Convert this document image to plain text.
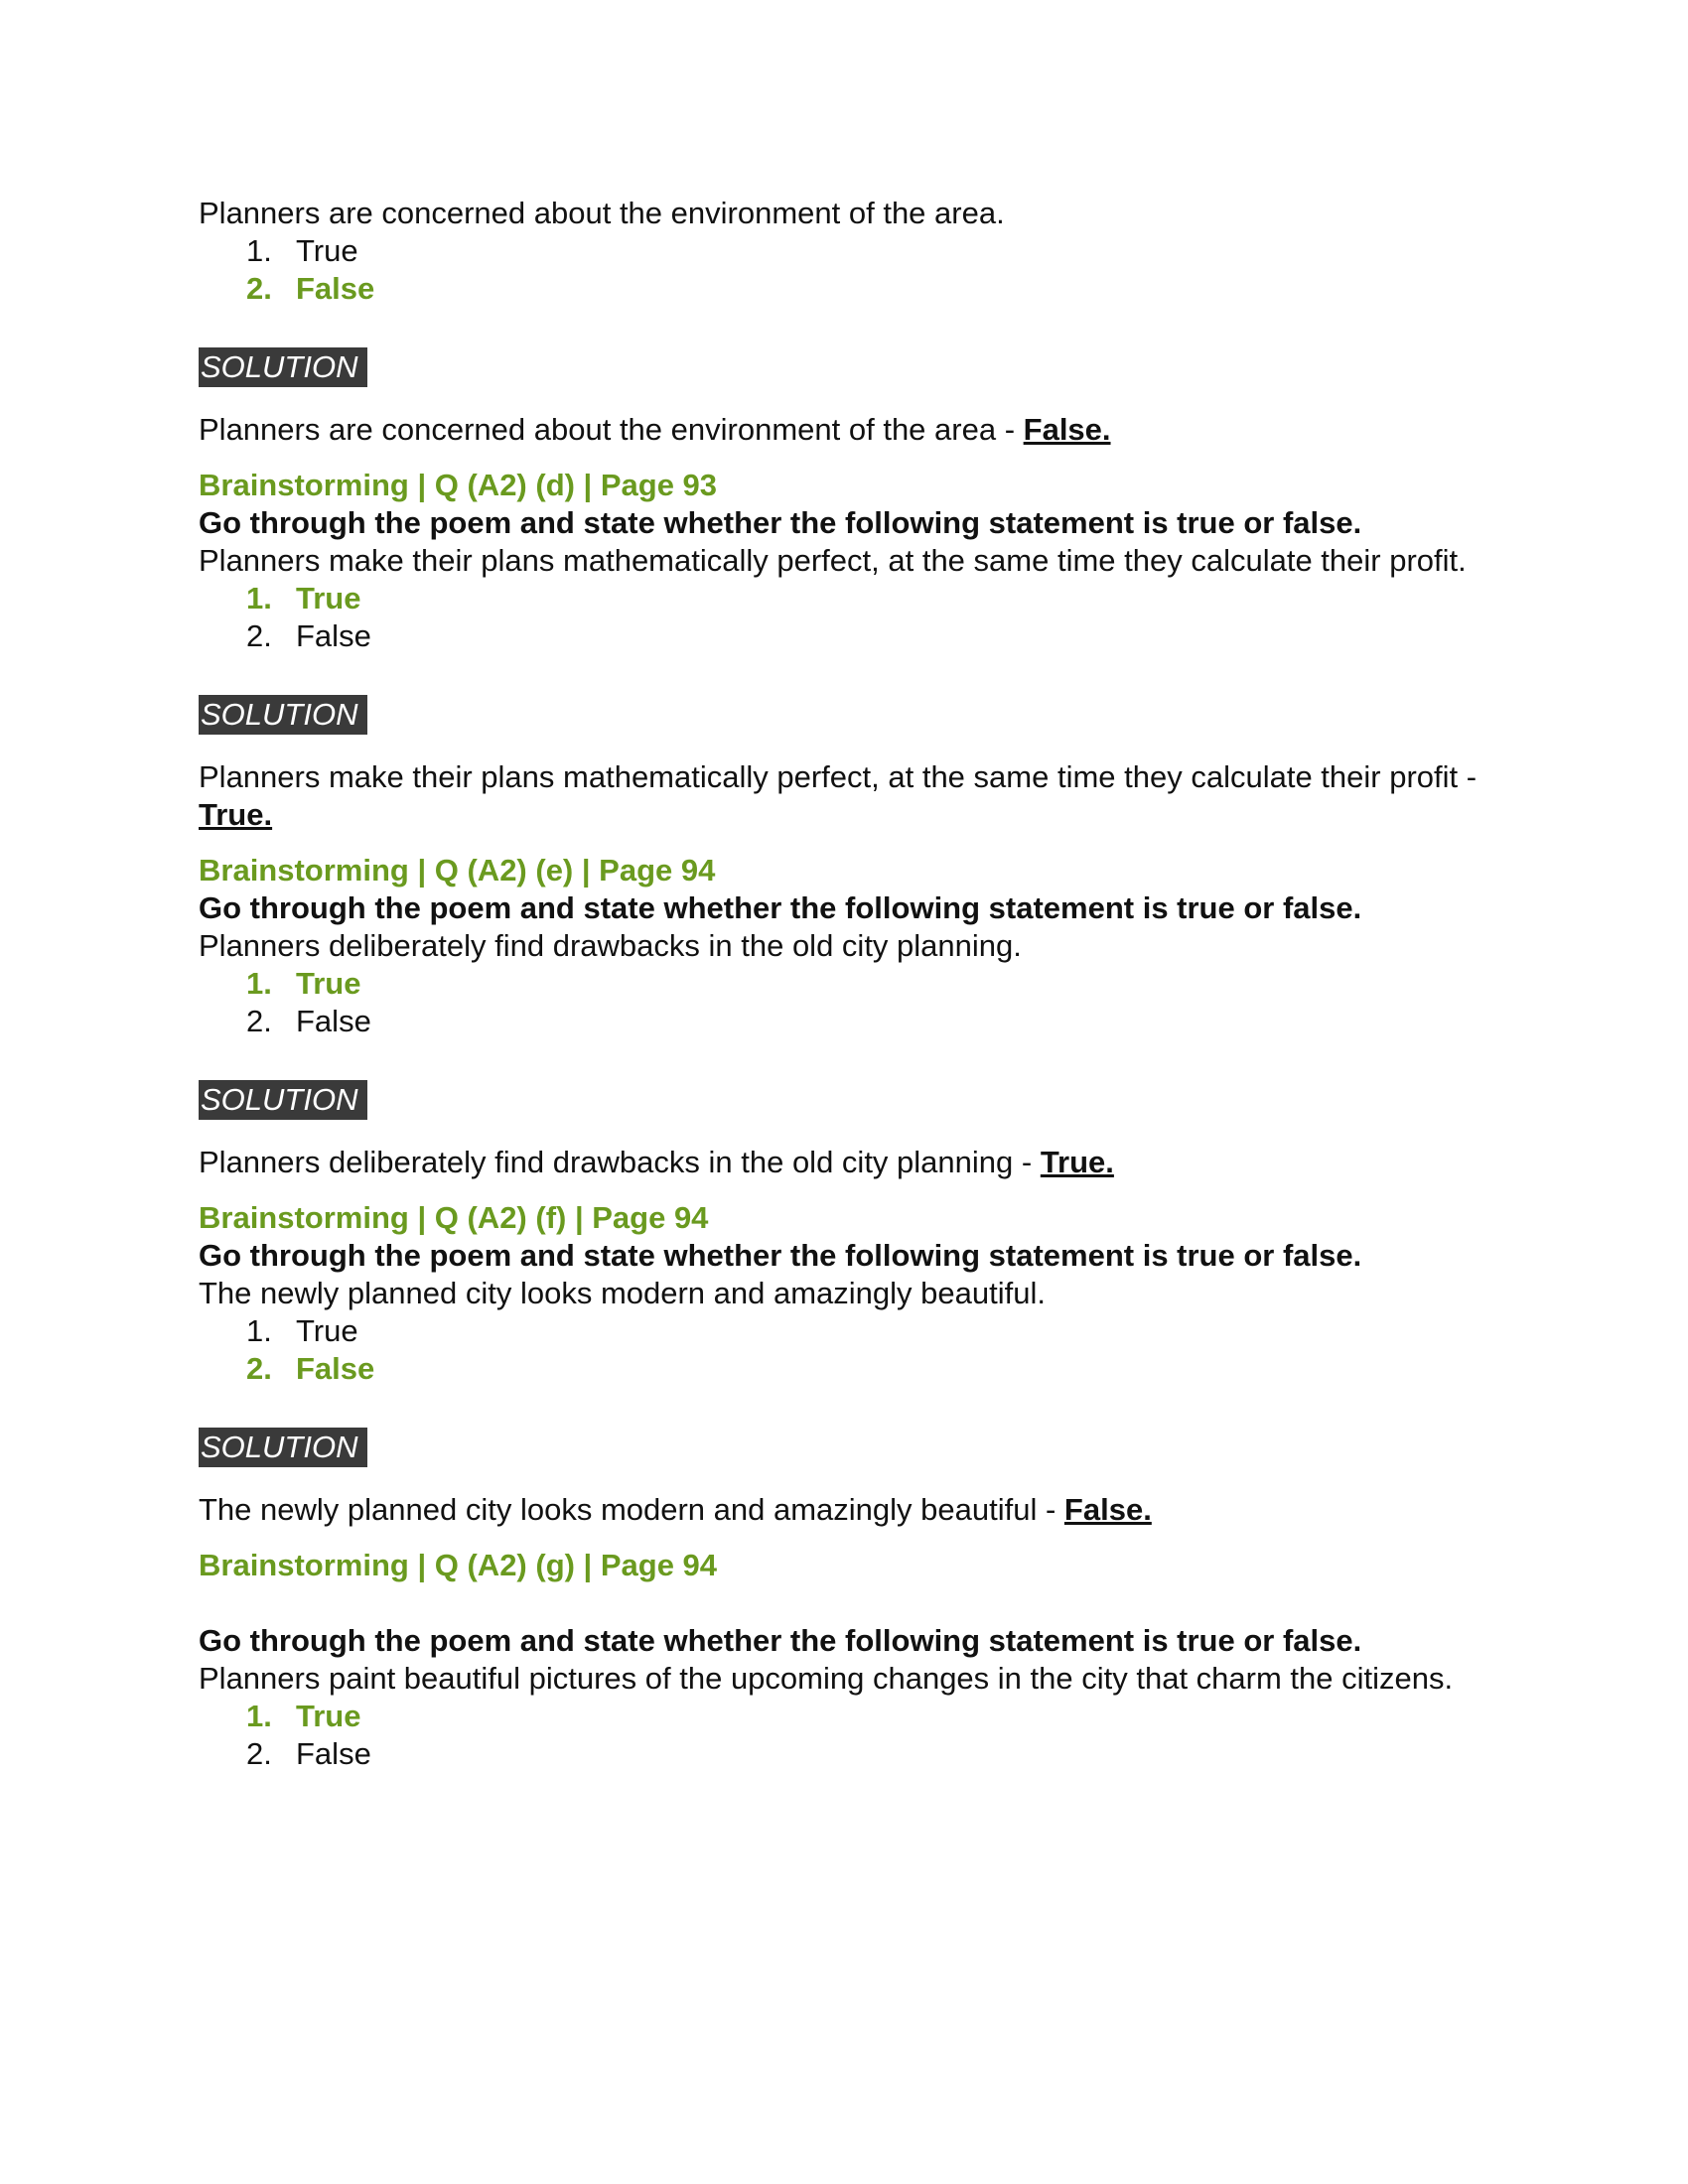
Planners are concerned about the environment of the area.

1. True
2. False
SOLUTION

Planners are concerned about the environment of the area - False.

Brainstorming | Q (A2) (d) | Page 93

Go through the poem and state whether the following statement is true or false.

Planners make their plans mathematically perfect, at the same time they calculate their profit.

1. True
2. False
SOLUTION

Planners make their plans mathematically perfect, at the same time they calculate their profit - True.

Brainstorming | Q (A2) (e) | Page 94

Go through the poem and state whether the following statement is true or false.

Planners deliberately find drawbacks in the old city planning.

1. True
2. False
SOLUTION

Planners deliberately find drawbacks in the old city planning - True.

Brainstorming | Q (A2) (f) | Page 94

Go through the poem and state whether the following statement is true or false.

The newly planned city looks modern and amazingly beautiful.

1. True
2. False
SOLUTION

The newly planned city looks modern and amazingly beautiful - False.

Brainstorming | Q (A2) (g) | Page 94

Go through the poem and state whether the following statement is true or false.

Planners paint beautiful pictures of the upcoming changes in the city that charm the citizens.

1. True
2. False
